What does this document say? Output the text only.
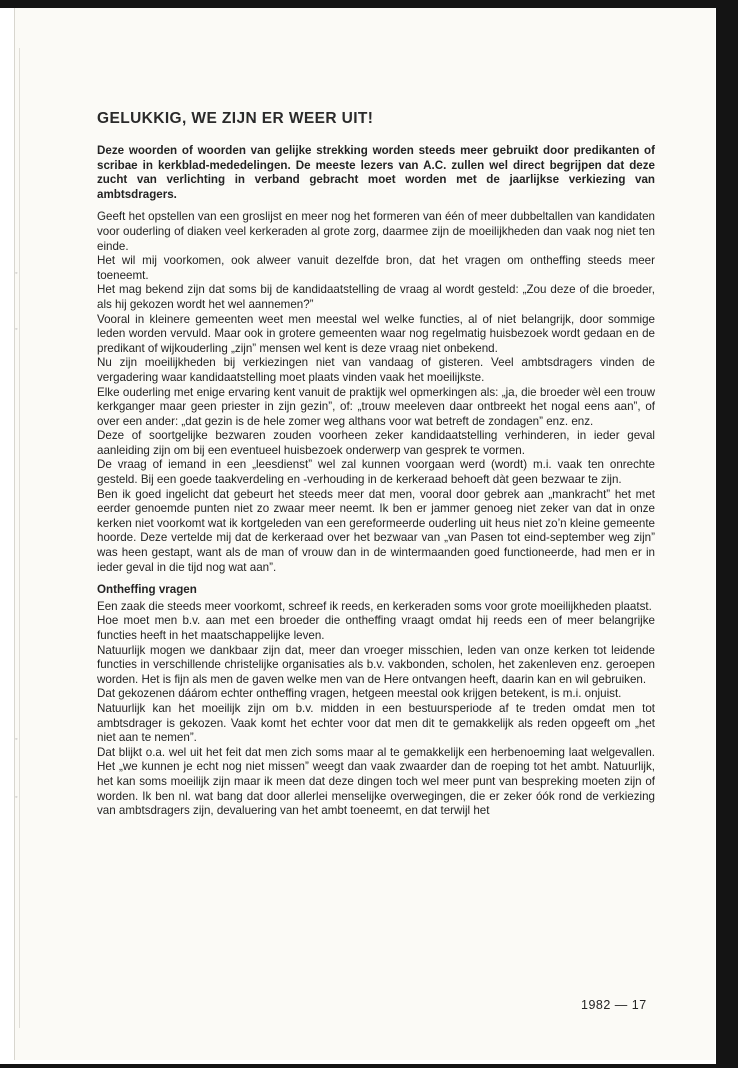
◦
◦
◦
◦
GELUKKIG, WE ZIJN ER WEER UIT!

Deze woorden of woorden van gelijke strekking worden steeds meer gebruikt door predikanten of scribae in kerkblad-mededelingen. De meeste lezers van A.C. zullen wel direct begrijpen dat deze zucht van verlichting in verband gebracht moet worden met de jaarlijkse verkiezing van ambtsdragers.

Geeft het opstellen van een groslijst en meer nog het formeren van één of meer dubbeltallen van kandidaten voor ouderling of diaken veel kerkeraden al grote zorg, daarmee zijn de moeilijkheden dan vaak nog niet ten einde.

Het wil mij voorkomen, ook alweer vanuit dezelfde bron, dat het vragen om ontheffing steeds meer toeneemt.

Het mag bekend zijn dat soms bij de kandidaatstelling de vraag al wordt gesteld: „Zou deze of die broeder, als hij gekozen wordt het wel aannemen?”

Vooral in kleinere gemeenten weet men meestal wel welke functies, al of niet belangrijk, door sommige leden worden vervuld. Maar ook in grotere gemeenten waar nog regelmatig huisbezoek wordt gedaan en de predikant of wijkouderling „zijn” mensen wel kent is deze vraag niet onbekend.

Nu zijn moeilijkheden bij verkiezingen niet van vandaag of gisteren. Veel ambtsdragers vinden de vergadering waar kandidaatstelling moet plaats vinden vaak het moeilijkste.

Elke ouderling met enige ervaring kent vanuit de praktijk wel opmerkingen als: „ja, die broeder wèl een trouw kerkganger maar geen priester in zijn gezin”, of: „trouw meeleven daar ontbreekt het nogal eens aan”, of over een ander: „dat gezin is de hele zomer weg althans voor wat betreft de zondagen” enz. enz.

Deze of soortgelijke bezwaren zouden voorheen zeker kandidaatstelling verhinderen, in ieder geval aanleiding zijn om bij een eventueel huisbezoek onderwerp van gesprek te vormen.

De vraag of iemand in een „leesdienst” wel zal kunnen voorgaan werd (wordt) m.i. vaak ten onrechte gesteld. Bij een goede taakverdeling en -verhouding in de kerkeraad behoeft dàt geen bezwaar te zijn.

Ben ik goed ingelicht dat gebeurt het steeds meer dat men, vooral door gebrek aan „mankracht” het met eerder genoemde punten niet zo zwaar meer neemt. Ik ben er jammer genoeg niet zeker van dat in onze kerken niet voorkomt wat ik kortgeleden van een gereformeerde ouderling uit heus niet zo’n kleine gemeente hoorde. Deze vertelde mij dat de kerkeraad over het bezwaar van „van Pasen tot eind-september weg zijn” was heen gestapt, want als de man of vrouw dan in de wintermaanden goed functioneerde, had men er in ieder geval in die tijd nog wat aan”.

Ontheffing vragen

Een zaak die steeds meer voorkomt, schreef ik reeds, en kerkeraden soms voor grote moeilijkheden plaatst.

Hoe moet men b.v. aan met een broeder die ontheffing vraagt omdat hij reeds een of meer belangrijke functies heeft in het maatschappelijke leven.

Natuurlijk mogen we dankbaar zijn dat, meer dan vroeger misschien, leden van onze kerken tot leidende functies in verschillende christelijke organisaties als b.v. vakbonden, scholen, het zakenleven enz. geroepen worden. Het is fijn als men de gaven welke men van de Here ontvangen heeft, daarin kan en wil gebruiken.

Dat gekozenen dáárom echter ontheffing vragen, hetgeen meestal ook krijgen betekent, is m.i. onjuist.

Natuurlijk kan het moeilijk zijn om b.v. midden in een bestuursperiode af te treden omdat men tot ambtsdrager is gekozen. Vaak komt het echter voor dat men dit te gemakkelijk als reden opgeeft om „het niet aan te nemen”.

Dat blijkt o.a. wel uit het feit dat men zich soms maar al te gemakkelijk een herbenoeming laat welgevallen. Het „we kunnen je echt nog niet missen” weegt dan vaak zwaarder dan de roeping tot het ambt. Natuurlijk, het kan soms moeilijk zijn maar ik meen dat deze dingen toch wel meer punt van bespreking moeten zijn of worden. Ik ben nl. wat bang dat door allerlei menselijke overwegingen, die er zeker óók rond de verkiezing van ambtsdragers zijn, devaluering van het ambt toeneemt, en dat terwijl het

1982 — 17
